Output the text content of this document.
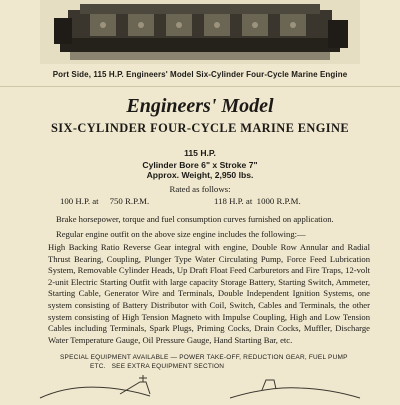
Port Side, 115 H.P. Engineers' Model Six-Cylinder Four-Cycle Marine Engine
Engineers' Model
SIX-CYLINDER FOUR-CYCLE MARINE ENGINE
115 H.P.
Cylinder Bore 6" x Stroke 7"
Approx. Weight, 2,950 lbs.
Rated as follows:
100 H.P. at     750 R.P.M.	118 H.P. at  1000 R.P.M.
Brake horsepower, torque and fuel consumption curves furnished on application.
Regular engine outfit on the above size engine includes the following:—
High Backing Ratio Reverse Gear integral with engine, Double Row Annular and Radial Thrust Bearing, Coupling, Plunger Type Water Circulating Pump, Force Feed Lubrication System, Removable Cylinder Heads, Up Draft Float Feed Carburetors and Fire Traps, 12-volt 2-unit Electric Starting Outfit with large capacity Storage Battery, Starting Switch, Ammeter, Starting Cable, Generator Wire and Terminals, Double Independent Ignition Systems, one system consisting of Battery Distributor with Coil, Switch, Cables and Terminals, the other system consisting of High Tension Magneto with Impulse Coupling, High and Low Tension Cables including Terminals, Spark Plugs, Priming Cocks, Drain Cocks, Muffler, Discharge Water Temperature Gauge, Oil Pressure Gauge, Hand Starting Bar, etc.
SPECIAL EQUIPMENT AVAILABLE — POWER TAKE-OFF, REDUCTION GEAR, FUEL PUMP
ETC.   SEE EXTRA EQUIPMENT SECTION
